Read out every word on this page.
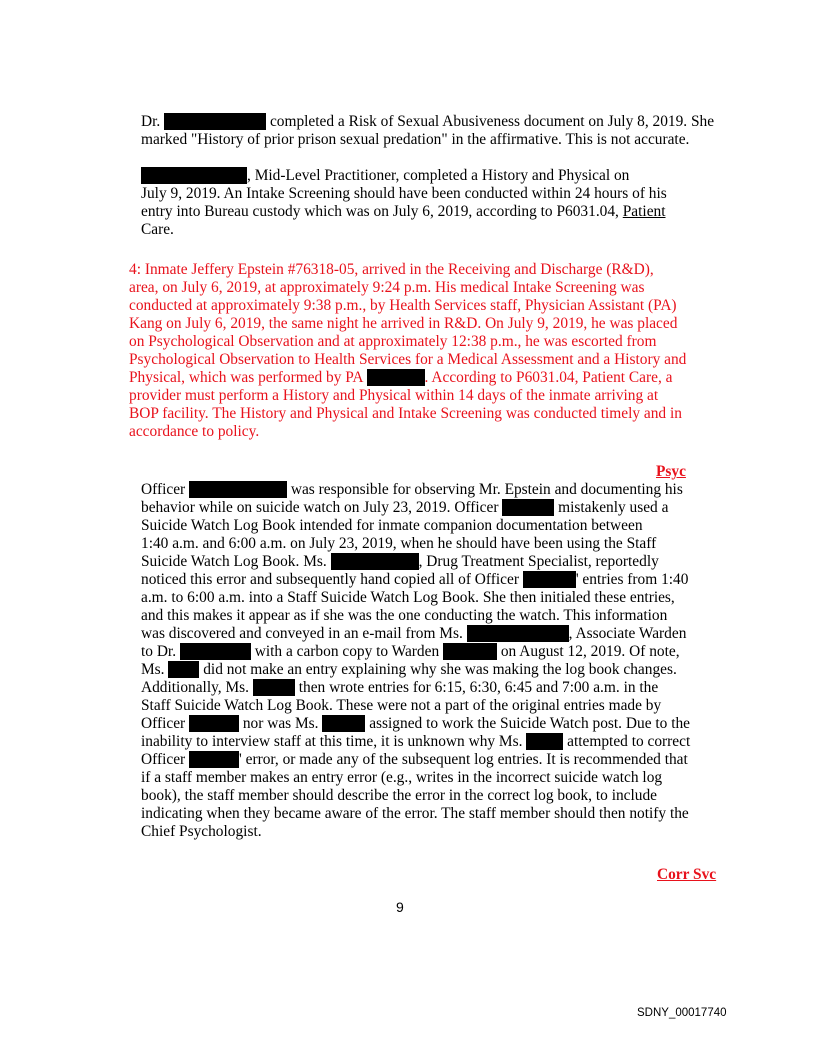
Dr.	completed a Risk of Sexual Abusiveness document on July 8, 2019. She
marked "History of prior prison sexual predation" in the affirmative. This is not accurate.
, Mid-Level Practitioner, completed a History and Physical on
July 9, 2019. An Intake Screening should have been conducted within 24 hours of his
entry into Bureau custody which was on July 6, 2019, according to P6031.04, Patient
Care.
4: Inmate Jeffery Epstein #76318-05, arrived in the Receiving and Discharge (R&D),
area, on July 6, 2019, at approximately 9:24 p.m. His medical Intake Screening was
conducted at approximately 9:38 p.m., by Health Services staff, Physician Assistant (PA)
Kang on July 6, 2019, the same night he arrived in R&D. On July 9, 2019, he was placed
on Psychological Observation and at approximately 12:38 p.m., he was escorted from
Psychological Observation to Health Services for a Medical Assessment and a History and
Physical, which was performed by PA	. According to P6031.04, Patient Care, a
provider must perform a History and Physical within 14 days of the inmate arriving at
BOP facility. The History and Physical and Intake Screening was conducted timely and in
accordance to policy.
Psyc
Officer	was responsible for observing Mr. Epstein and documenting his
behavior while on suicide watch on July 23, 2019. Officer	mistakenly used a
Suicide Watch Log Book intended for inmate companion documentation between
1:40 a.m. and 6:00 a.m. on July 23, 2019, when he should have been using the Staff
Suicide Watch Log Book. Ms.	, Drug Treatment Specialist, reportedly
noticed this error and subsequently hand copied all of Officer	' entries from 1:40
a.m. to 6:00 a.m. into a Staff Suicide Watch Log Book. She then initialed these entries,
and this makes it appear as if she was the one conducting the watch. This information
was discovered and conveyed in an e-mail from Ms.	, Associate Warden
to Dr.	with a carbon copy to Warden	on August 12, 2019. Of note,
Ms.  did not make an entry explaining why she was making the log book changes.
Additionally, Ms.	then wrote entries for 6:15, 6:30, 6:45 and 7:00 a.m. in the
Staff Suicide Watch Log Book. These were not a part of the original entries made by
Officer	nor was Ms.	assigned to work the Suicide Watch post. Due to the
inability to interview staff at this time, it is unknown why Ms.  attempted to correct
Officer	' error, or made any of the subsequent log entries. It is recommended that
if a staff member makes an entry error (e.g., writes in the incorrect suicide watch log
book), the staff member should describe the error in the correct log book, to include
indicating when they became aware of the error. The staff member should then notify the
Chief Psychologist.
Corr Svc
9
SDNY_00017740
